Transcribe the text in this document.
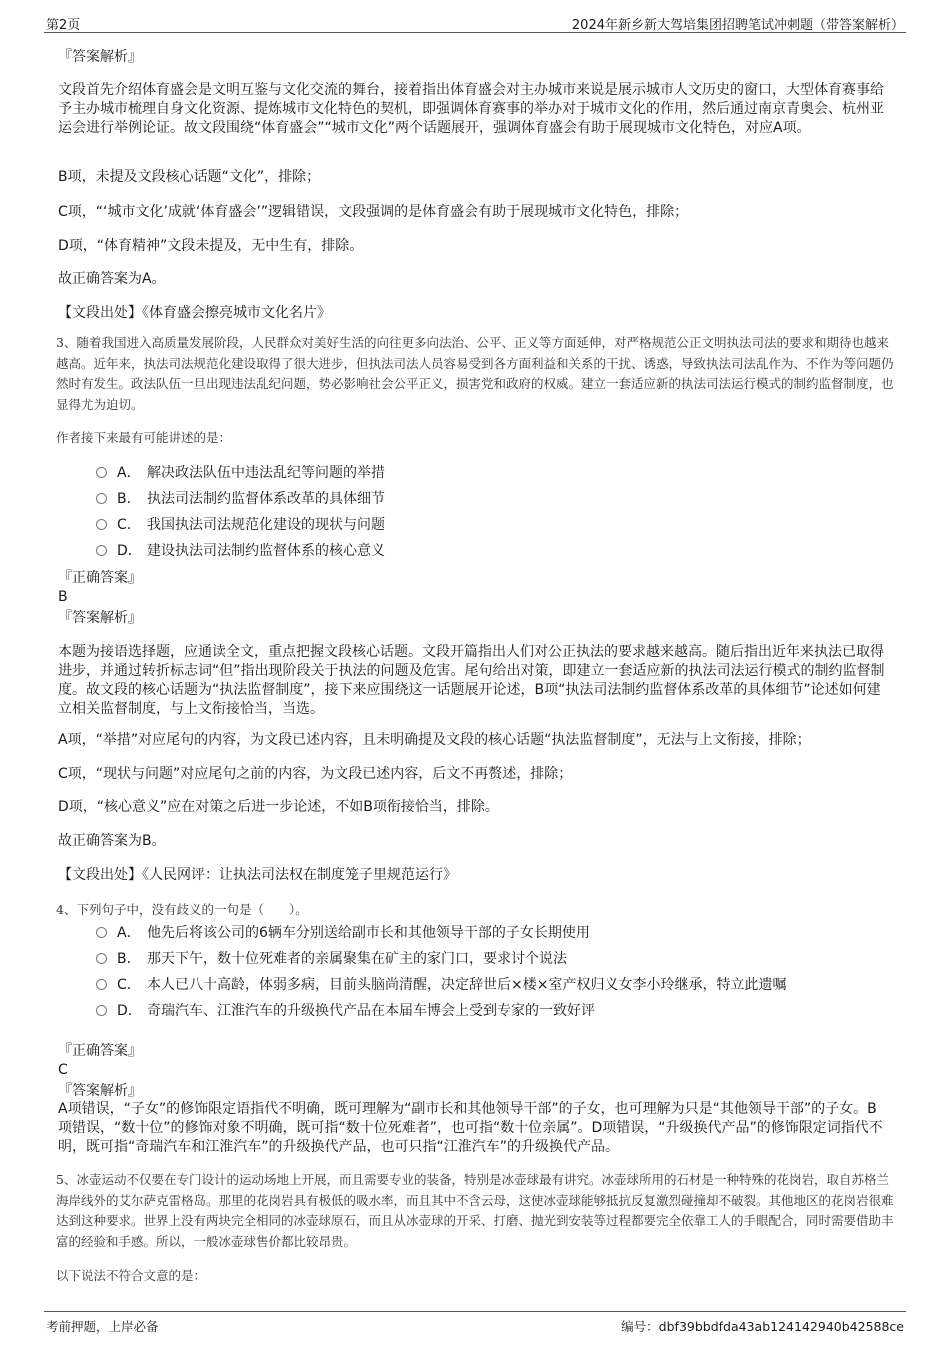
第2页	2024年新乡新大驾培集团招聘笔试冲刺题（带答案解析）
『答案解析』

文段首先介绍体育盛会是文明互鉴与文化交流的舞台，接着指出体育盛会对主办城市来说是展示城市人文历史的窗口，大型体育赛事给予主办城市梳理自身文化资源、提炼城市文化特色的契机，即强调体育赛事的举办对于城市文化的作用，然后通过南京青奥会、杭州亚运会进行举例论证。故文段围绕“体育盛会”“城市文化”两个话题展开，强调体育盛会有助于展现城市文化特色，对应A项。

B项，未提及文段核心话题“文化”，排除；

C项，“‘城市文化’成就‘体育盛会’”逻辑错误，文段强调的是体育盛会有助于展现城市文化特色，排除；

D项，“体育精神”文段未提及，无中生有，排除。

故正确答案为A。

【文段出处】《体育盛会擦亮城市文化名片》

3、随着我国进入高质量发展阶段，人民群众对美好生活的向往更多向法治、公平、正义等方面延伸，对严格规范公正文明执法司法的要求和期待也越来越高。近年来，执法司法规范化建设取得了很大进步，但执法司法人员容易受到各方面利益和关系的干扰、诱惑，导致执法司法乱作为、不作为等问题仍然时有发生。政法队伍一旦出现违法乱纪问题，势必影响社会公平正义，损害党和政府的权威。建立一套适应新的执法司法运行模式的制约监督制度，也显得尤为迫切。

作者接下来最有可能讲述的是：

A． 解决政法队伍中违法乱纪等问题的举措
B． 执法司法制约监督体系改革的具体细节
C． 我国执法司法规范化建设的现状与问题
D． 建设执法司法制约监督体系的核心意义
『正确答案』
B
『答案解析』

本题为接语选择题，应通读全文，重点把握文段核心话题。文段开篇指出人们对公正执法的要求越来越高。随后指出近年来执法已取得进步，并通过转折标志词“但”指出现阶段关于执法的问题及危害。尾句给出对策，即建立一套适应新的执法司法运行模式的制约监督制度。故文段的核心话题为“执法监督制度”，接下来应围绕这一话题展开论述，B项“执法司法制约监督体系改革的具体细节”论述如何建立相关监督制度，与上文衔接恰当，当选。

A项，“举措”对应尾句的内容，为文段已述内容，且未明确提及文段的核心话题“执法监督制度”，无法与上文衔接，排除；

C项，“现状与问题”对应尾句之前的内容，为文段已述内容，后文不再赘述，排除；

D项，“核心意义”应在对策之后进一步论述，不如B项衔接恰当，排除。

故正确答案为B。

【文段出处】《人民网评：让执法司法权在制度笼子里规范运行》

4、下列句子中，没有歧义的一句是（　　）。

A． 他先后将该公司的6辆车分别送给副市长和其他领导干部的子女长期使用
B． 那天下午，数十位死难者的亲属聚集在矿主的家门口，要求讨个说法
C． 本人已八十高龄，体弱多病，目前头脑尚清醒，决定辞世后×楼×室产权归义女李小玲继承，特立此遗嘱
D． 奇瑞汽车、江淮汽车的升级换代产品在本届车博会上受到专家的一致好评
『正确答案』
C
『答案解析』

A项错误，“子女”的修饰限定语指代不明确，既可理解为“副市长和其他领导干部”的子女，也可理解为只是“其他领导干部”的子女。B项错误，“数十位”的修饰对象不明确，既可指“数十位死难者”，也可指“数十位亲属”。D项错误，“升级换代产品”的修饰限定词指代不明，既可指“奇瑞汽车和江淮汽车”的升级换代产品，也可只指“江淮汽车”的升级换代产品。

5、冰壶运动不仅要在专门设计的运动场地上开展，而且需要专业的装备，特别是冰壶球最有讲究。冰壶球所用的石材是一种特殊的花岗岩，取自苏格兰海岸线外的艾尔萨克雷格岛。那里的花岗岩具有极低的吸水率，而且其中不含云母，这使冰壶球能够抵抗反复激烈碰撞却不破裂。其他地区的花岗岩很难达到这种要求。世界上没有两块完全相同的冰壶球原石，而且从冰壶球的开采、打磨、抛光到安装等过程都要完全依靠工人的手眼配合，同时需要借助丰富的经验和手感。所以，一般冰壶球售价都比较昂贵。

以下说法不符合文意的是：

考前押题，上岸必备	编号：dbf39bbdfda43ab124142940b42588ce
